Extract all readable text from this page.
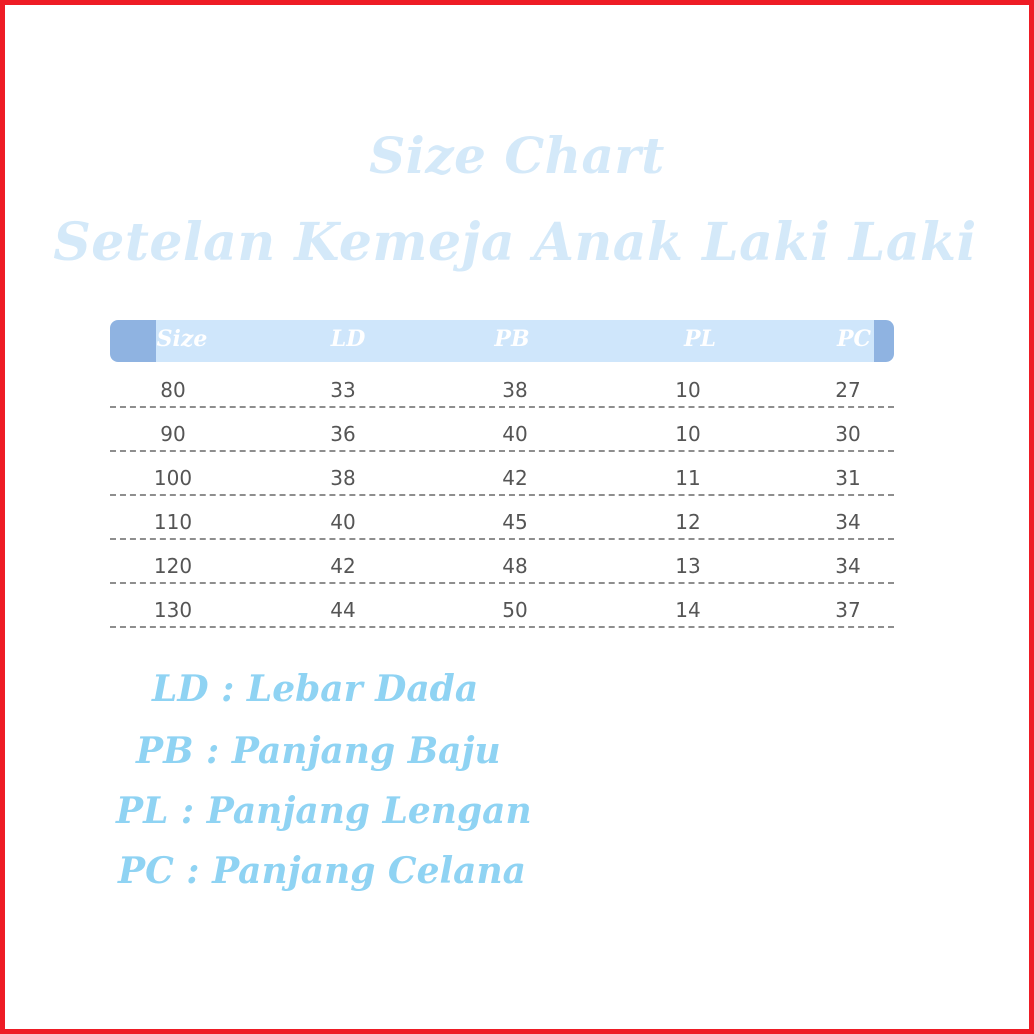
Size Chart
Setelan Kemeja Anak Laki Laki
Size	LD	PB	PL	PC
80	33	38	10	27
90	36	40	10	30
100	38	42	11	31
110	40	45	12	34
120	42	48	13	34
130	44	50	14	37

LD : Lebar Dada

PB : Panjang Baju

PL : Panjang Lengan

PC : Panjang Celana
